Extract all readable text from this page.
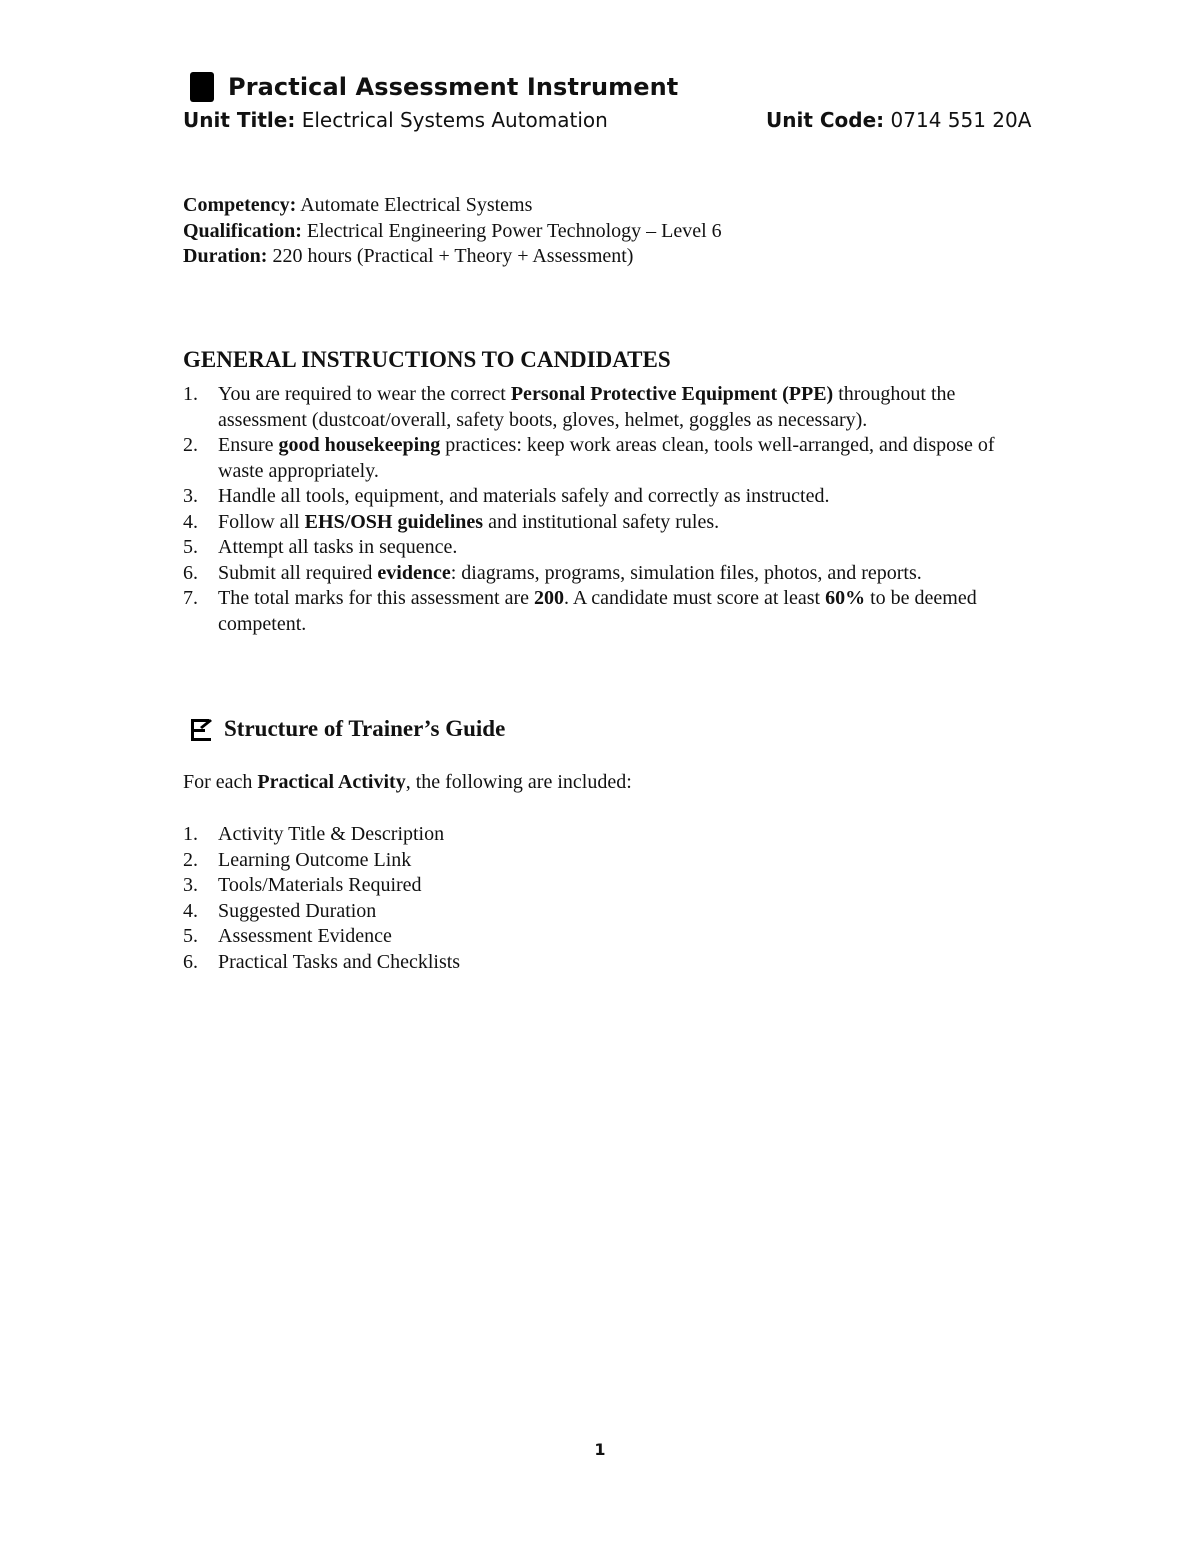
Practical Assessment Instrument
Unit Title: Electrical Systems Automation	Unit Code: 0714 551 20A
Competency: Automate Electrical Systems
Qualification: Electrical Engineering Power Technology – Level 6
Duration: 220 hours (Practical + Theory + Assessment)
GENERAL INSTRUCTIONS TO CANDIDATES
1. You are required to wear the correct Personal Protective Equipment (PPE) throughout the assessment (dustcoat/overall, safety boots, gloves, helmet, goggles as necessary).
2. Ensure good housekeeping practices: keep work areas clean, tools well-arranged, and dispose of waste appropriately.
3. Handle all tools, equipment, and materials safely and correctly as instructed.
4. Follow all EHS/OSH guidelines and institutional safety rules.
5. Attempt all tasks in sequence.
6. Submit all required evidence: diagrams, programs, simulation files, photos, and reports.
7. The total marks for this assessment are 200. A candidate must score at least 60% to be deemed competent.
Structure of Trainer’s Guide
For each Practical Activity, the following are included:
1. Activity Title & Description
2. Learning Outcome Link
3. Tools/Materials Required
4. Suggested Duration
5. Assessment Evidence
6. Practical Tasks and Checklists
1
